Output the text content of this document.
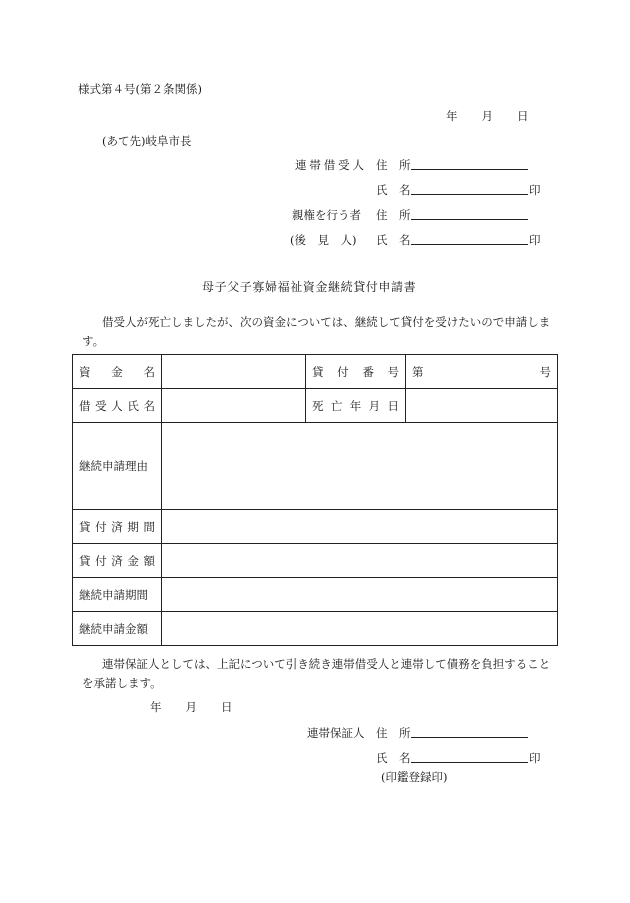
様式第４号(第２条関係)
年 月 日
(あて先)岐阜市長
連帯借受人 住　所
氏　名	印
親権を行う者 住　所
(後　見　人) 氏　名	印
母子父子寡婦福祉資金継続貸付申請書
借受人が死亡しましたが、次の資金については、継続して貸付を受けたいので申請します。
資 金 名		貸 付 番 号	第 号

借 受 人 氏 名		死 亡 年 月 日	

継続申請理由			

貸 付 済 期 間			

貸 付 済 金 額			

継続申請期間			
継続申請金額			
連帯保証人としては、上記について引き続き連帯借受人と連帯して債務を負担することを承諾します。
年 月 日
連帯保証人 住　所
氏　名	印
(印鑑登録印)
